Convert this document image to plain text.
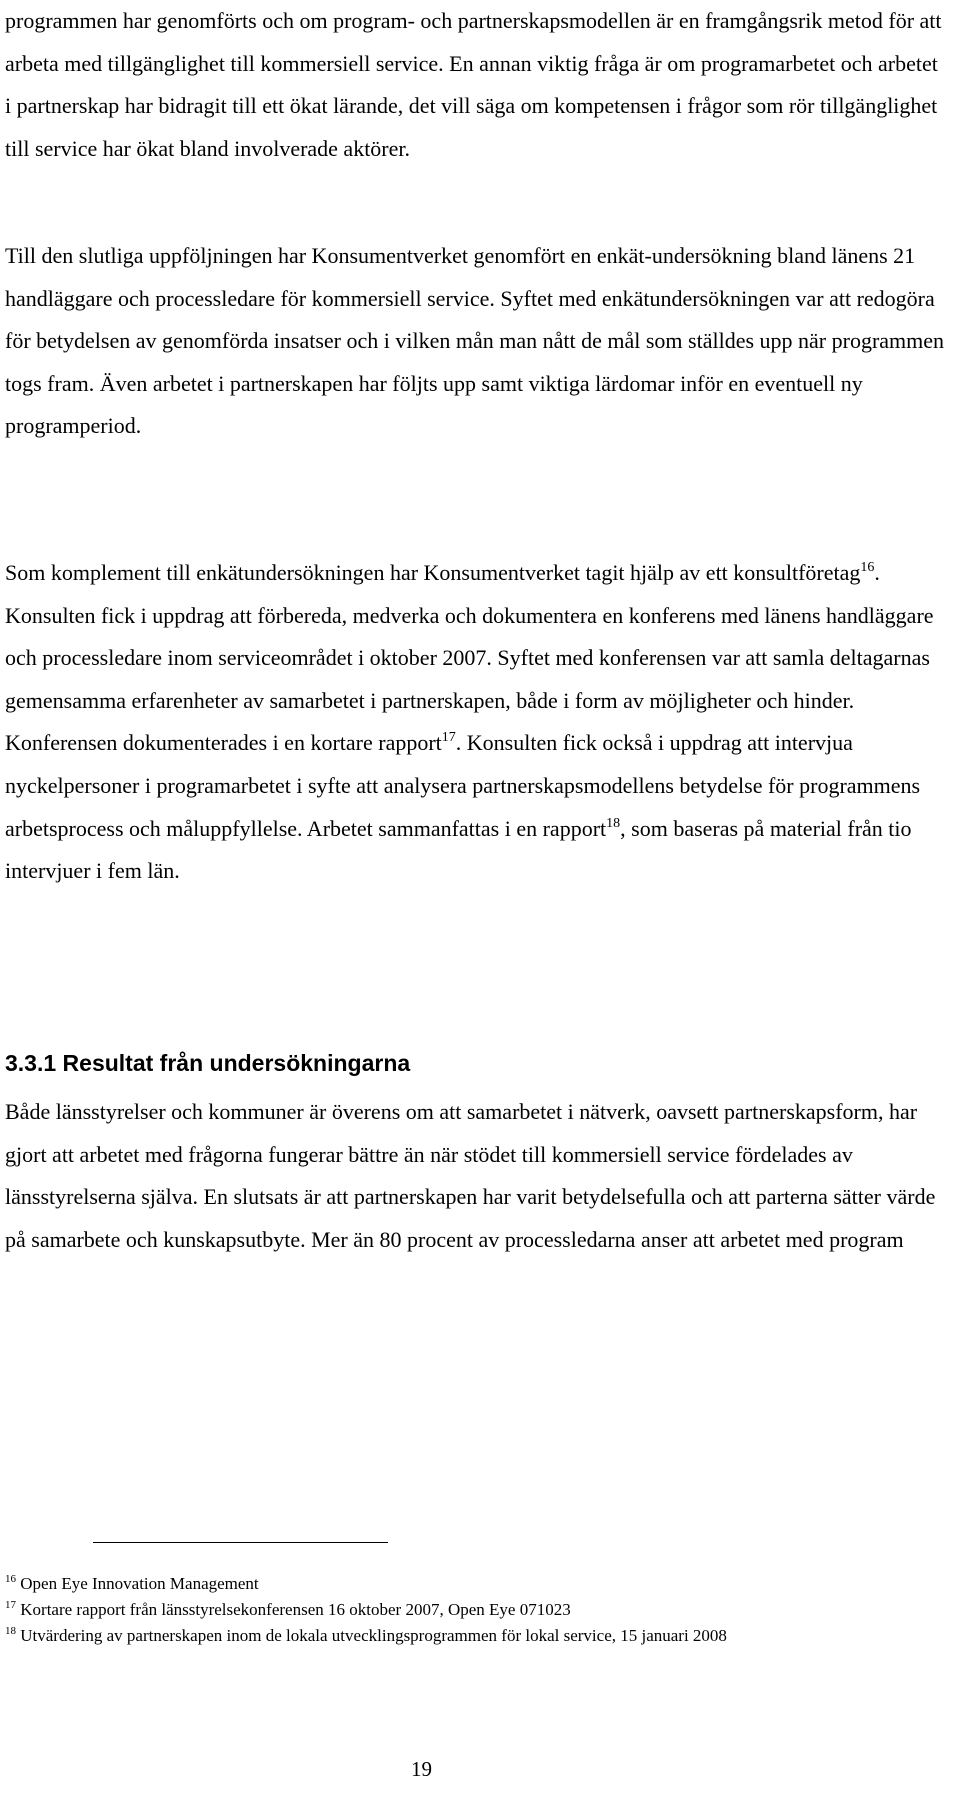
programmen har genomförts och om program- och partnerskapsmodellen är en framgångsrik metod för att arbeta med tillgänglighet till kommersiell service. En annan viktig fråga är om programarbetet och arbetet i partnerskap har bidragit till ett ökat lärande, det vill säga om kompetensen i frågor som rör tillgänglighet till service har ökat bland involverade aktörer.

Till den slutliga uppföljningen har Konsumentverket genomfört en enkät-undersökning bland länens 21 handläggare och processledare för kommersiell service. Syftet med enkätundersökningen var att redogöra för betydelsen av genomförda insatser och i vilken mån man nått de mål som ställdes upp när programmen togs fram. Även arbetet i partnerskapen har följts upp samt viktiga lärdomar inför en eventuell ny programperiod.

Som komplement till enkätundersökningen har Konsumentverket tagit hjälp av ett konsultföretag$^{16}$. Konsulten fick i uppdrag att förbereda, medverka och dokumentera en konferens med länens handläggare och processledare inom serviceområdet i oktober 2007. Syftet med konferensen var att samla deltagarnas gemensamma erfarenheter av samarbetet i partnerskapen, både i form av möjligheter och hinder. Konferensen dokumenterades i en kortare rapport$^{17}$. Konsulten fick också i uppdrag att intervjua nyckelpersoner i programarbetet i syfte att analysera partnerskapsmodellens betydelse för programmens arbetsprocess och måluppfyllelse. Arbetet sammanfattas i en rapport$^{18}$, som baseras på material från tio intervjuer i fem län.

3.3.1 Resultat från undersökningarna

Både länsstyrelser och kommuner är överens om att samarbetet i nätverk, oavsett partnerskapsform, har gjort att arbetet med frågorna fungerar bättre än när stödet till kommersiell service fördelades av länsstyrelserna själva. En slutsats är att partnerskapen har varit betydelsefulla och att parterna sätter värde på samarbete och kunskapsutbyte. Mer än 80 procent av processledarna anser att arbetet med program

$^{16}$ Open Eye Innovation Management

$^{17}$ Kortare rapport från länsstyrelsekonferensen 16 oktober 2007, Open Eye 071023

$^{18}$ Utvärdering av partnerskapen inom de lokala utvecklingsprogrammen för lokal service, 15 januari 2008

19
